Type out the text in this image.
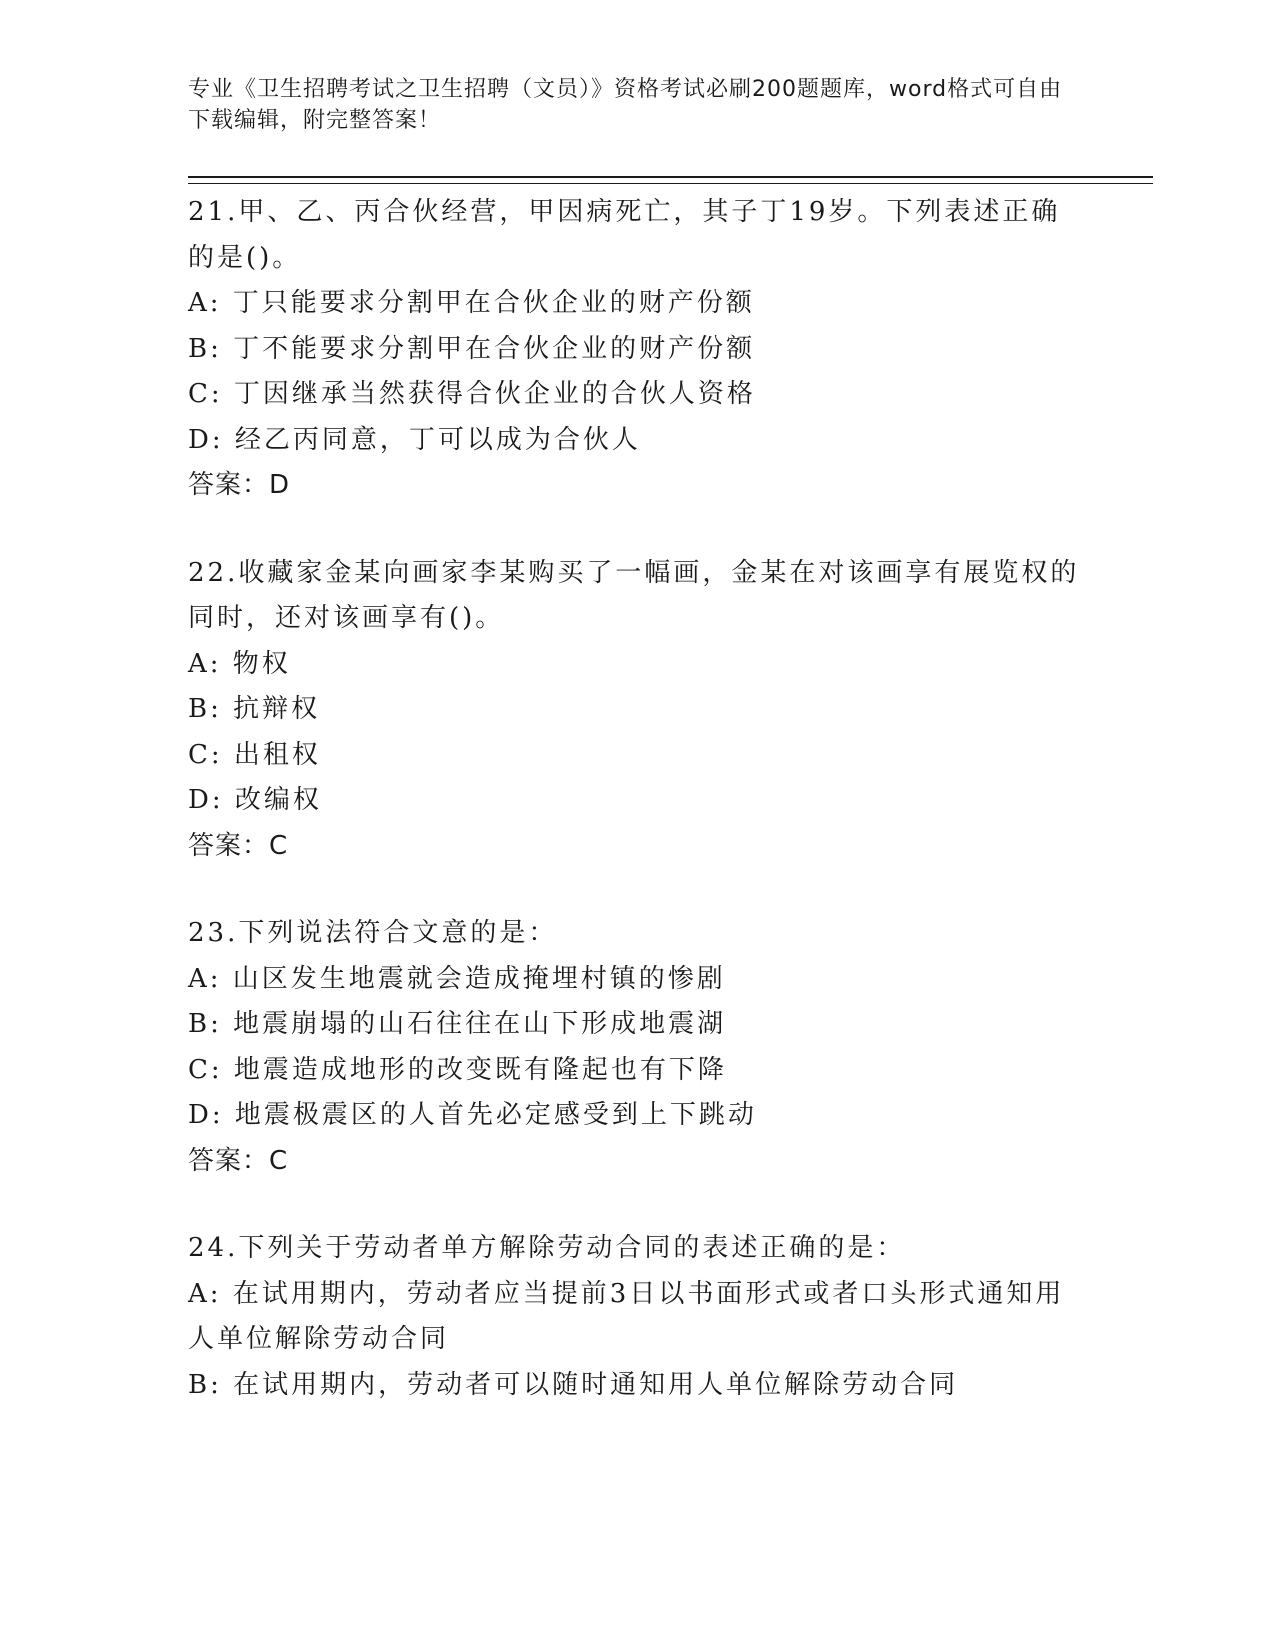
专业《卫生招聘考试之卫生招聘（文员）》资格考试必刷200题题库，word格式可自由下载编辑，附完整答案！
21.甲、乙、丙合伙经营，甲因病死亡，其子丁19岁。下列表述正确的是()。
A: 丁只能要求分割甲在合伙企业的财产份额
B: 丁不能要求分割甲在合伙企业的财产份额
C: 丁因继承当然获得合伙企业的合伙人资格
D: 经乙丙同意，丁可以成为合伙人
答案：D
22.收藏家金某向画家李某购买了一幅画，金某在对该画享有展览权的同时，还对该画享有()。
A: 物权
B: 抗辩权
C: 出租权
D: 改编权
答案：C
23.下列说法符合文意的是：
A: 山区发生地震就会造成掩埋村镇的惨剧
B: 地震崩塌的山石往往在山下形成地震湖
C: 地震造成地形的改变既有隆起也有下降
D: 地震极震区的人首先必定感受到上下跳动
答案：C
24.下列关于劳动者单方解除劳动合同的表述正确的是：
A: 在试用期内，劳动者应当提前3日以书面形式或者口头形式通知用人单位解除劳动合同
B: 在试用期内，劳动者可以随时通知用人单位解除劳动合同
